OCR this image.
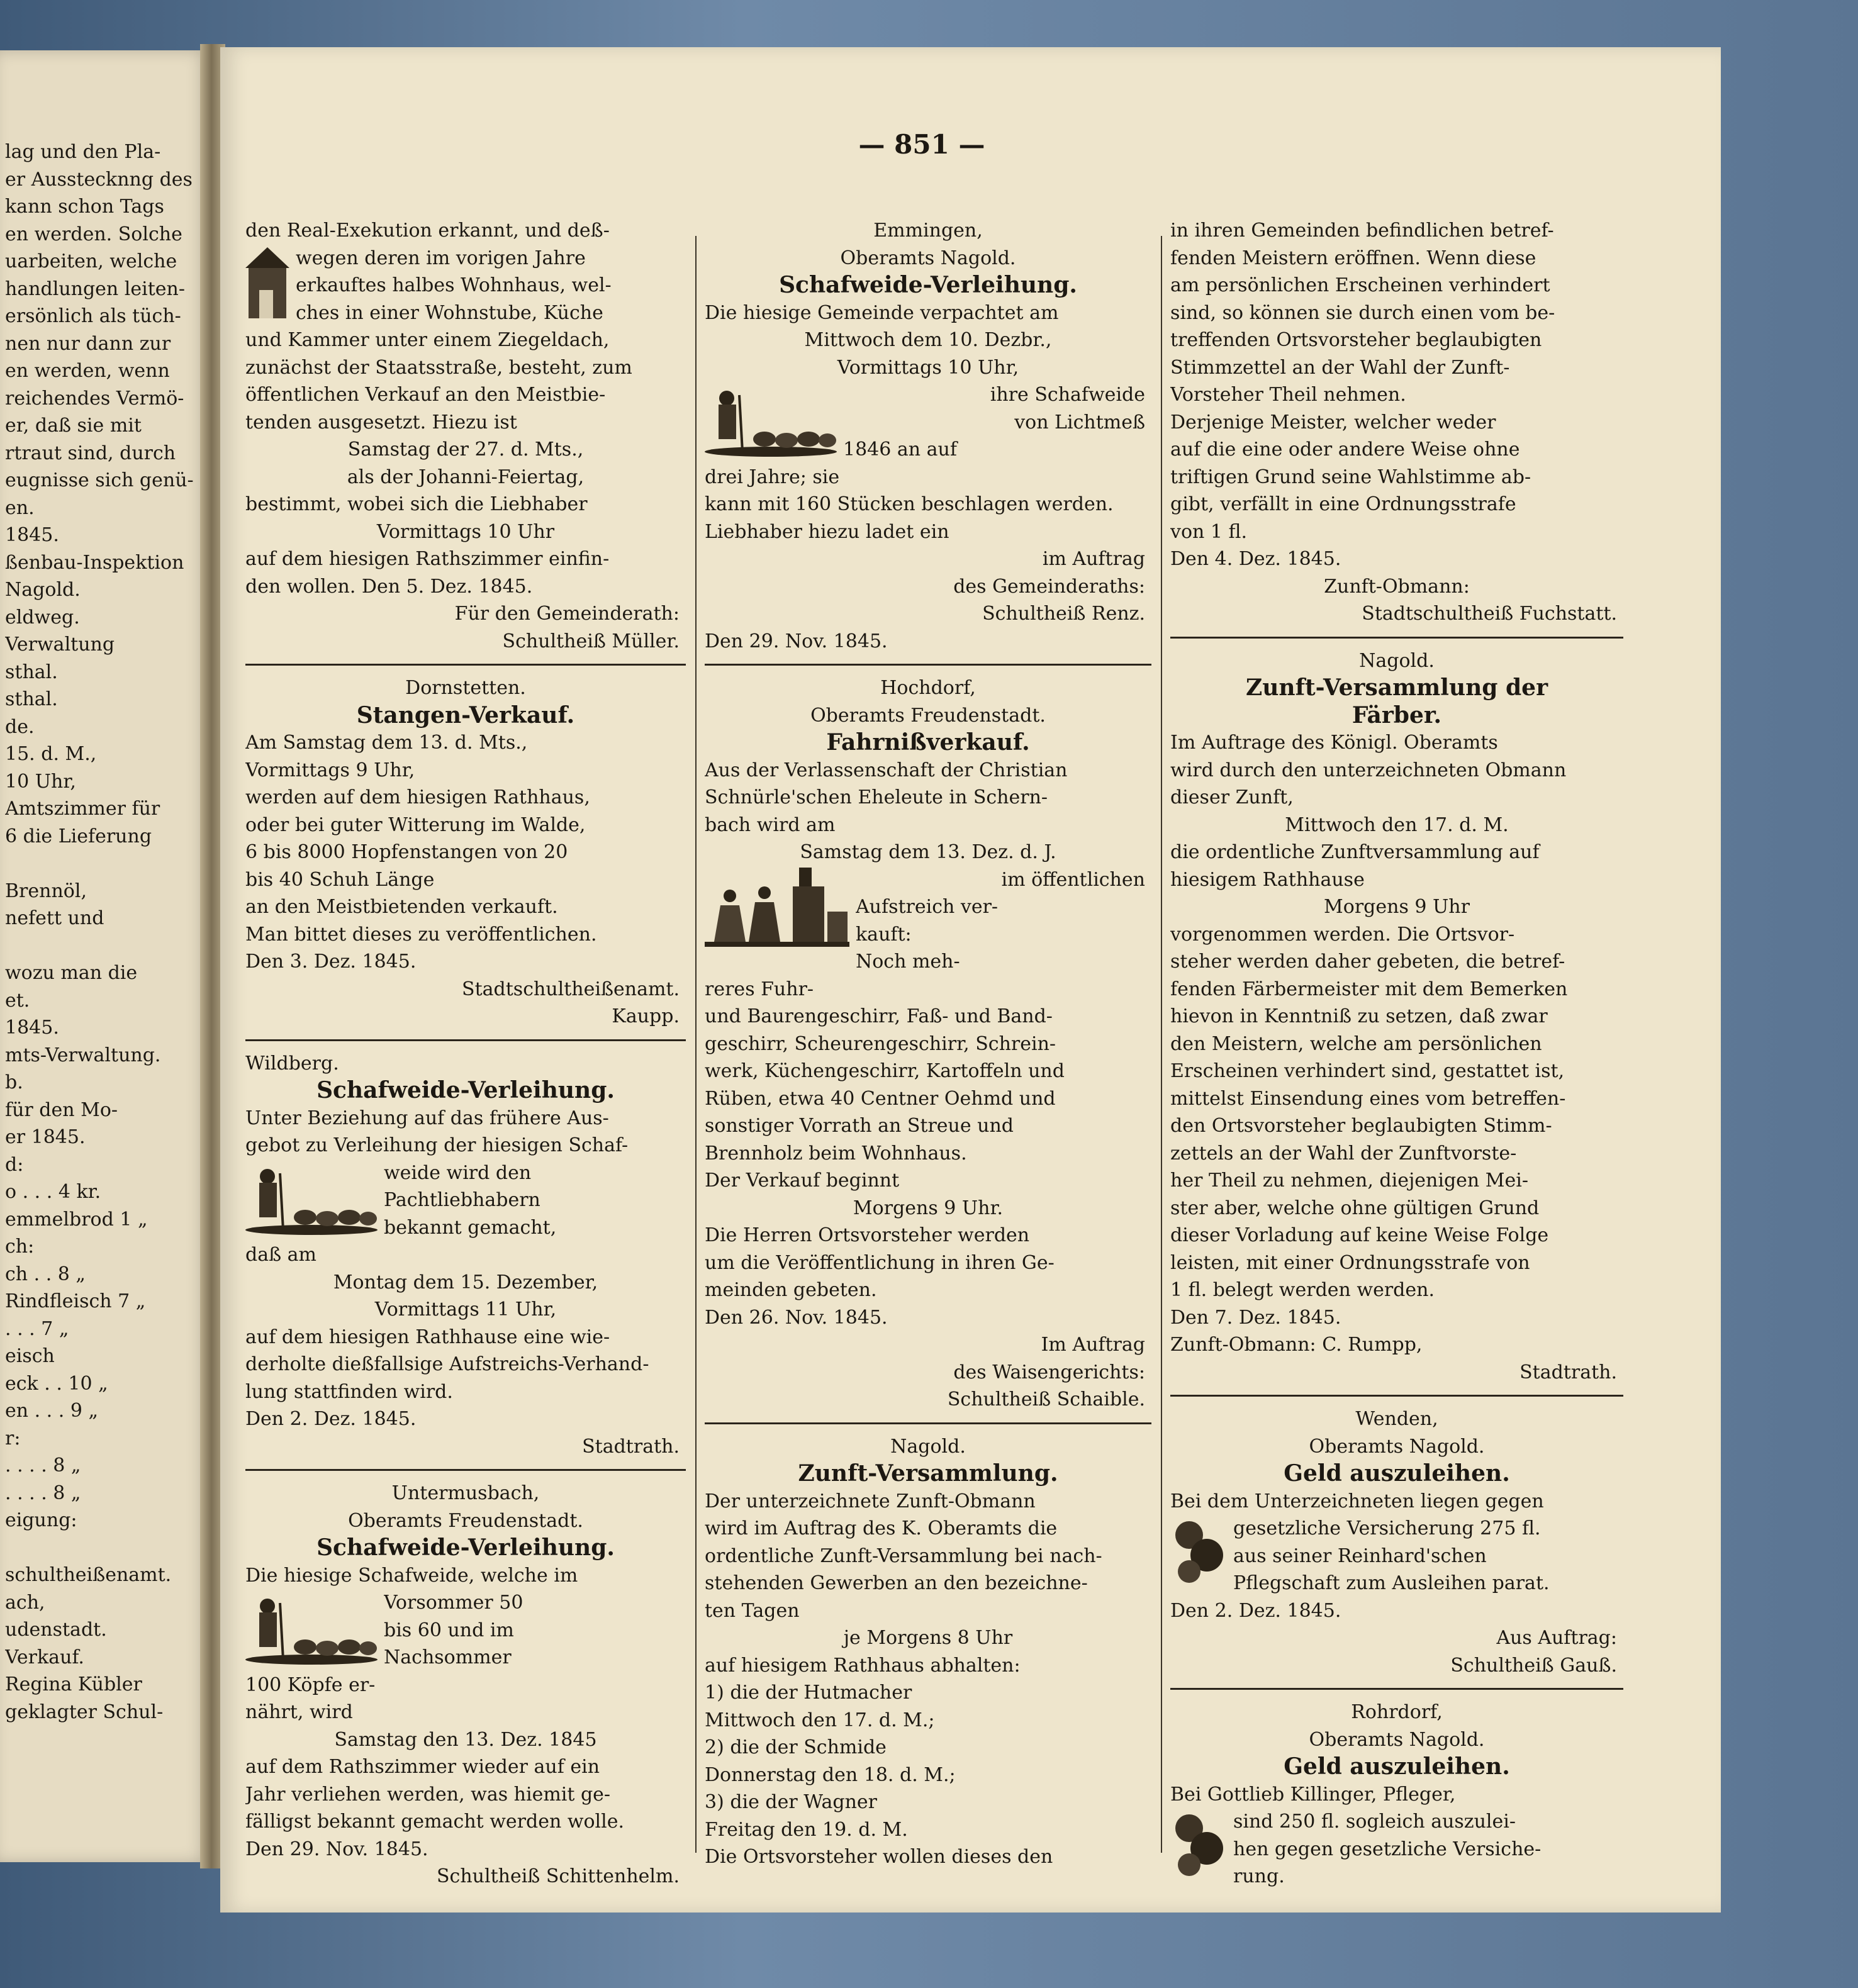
lag und den Pla-
er Ausstecknng des
kann schon Tags
en werden. Solche
uarbeiten, welche
handlungen leiten-
ersönlich als tüch-
nen nur dann zur
en werden, wenn
reichendes Vermö-
er, daß sie mit
rtraut sind, durch
eugnisse sich genü-
en.
1845.
ßenbau-Inspektion
Nagold.
eldweg.
Verwaltung
sthal.
sthal.
de.
15. d. M.,
10 Uhr,
Amtszimmer für
6 die Lieferung

Brennöl,
nefett und

wozu man die
et.
1845.
mts-Verwaltung.
b.
für den Mo-
er 1845.
d:
o . . . 4 kr.
emmelbrod 1 „
ch:
ch . . 8 „
Rindfleisch 7 „
. . . 7 „
eisch
eck . . 10 „
en . . . 9 „
r:
. . . . 8 „
. . . . 8 „
eigung:

schultheißenamt.
ach,
udenstadt.
Verkauf.
Regina Kübler
geklagter Schul-
— 851 —
den Real-Exekution erkannt, und deß-
wegen deren im vorigen Jahre
erkauftes halbes Wohnhaus, wel-
ches in einer Wohnstube, Küche
und Kammer unter einem Ziegeldach,
zunächst der Staatsstraße, besteht, zum
öffentlichen Verkauf an den Meistbie-
tenden ausgesetzt. Hiezu ist
Samstag der 27. d. Mts.,
als der Johanni-Feiertag,
bestimmt, wobei sich die Liebhaber
Vormittags 10 Uhr
auf dem hiesigen Rathszimmer einfin-
den wollen. Den 5. Dez. 1845.
Für den Gemeinderath:
Schultheiß Müller.
Dornstetten.
Stangen-Verkauf.
Am Samstag dem 13. d. Mts.,
Vormittags 9 Uhr,
werden auf dem hiesigen Rathhaus,
oder bei guter Witterung im Walde,
6 bis 8000 Hopfenstangen von 20
bis 40 Schuh Länge
an den Meistbietenden verkauft.
Man bittet dieses zu veröffentlichen.
Den 3. Dez. 1845.
Stadtschultheißenamt.
Kaupp.
Wildberg.
Schafweide-Verleihung.
Unter Beziehung auf das frühere Aus-
gebot zu Verleihung der hiesigen Schaf-
weide wird den
Pachtliebhabern
bekannt gemacht,
daß am
Montag dem 15. Dezember,
Vormittags 11 Uhr,
auf dem hiesigen Rathhause eine wie-
derholte dießfallsige Aufstreichs-Verhand-
lung stattfinden wird.
Den 2. Dez. 1845.
Stadtrath.
Untermusbach,
Oberamts Freudenstadt.
Schafweide-Verleihung.
Die hiesige Schafweide, welche im
Vorsommer 50
bis 60 und im
Nachsommer
100 Köpfe er-
nährt, wird
Samstag den 13. Dez. 1845
auf dem Rathszimmer wieder auf ein
Jahr verliehen werden, was hiemit ge-
fälligst bekannt gemacht werden wolle.
Den 29. Nov. 1845.
Schultheiß Schittenhelm.
Emmingen,
Oberamts Nagold.
Schafweide-Verleihung.
Die hiesige Gemeinde verpachtet am
Mittwoch dem 10. Dezbr.,
Vormittags 10 Uhr,
ihre Schafweide
von Lichtmeß
1846 an auf
drei Jahre; sie
kann mit 160 Stücken beschlagen werden.
Liebhaber hiezu ladet ein
im Auftrag
des Gemeinderaths:
Schultheiß Renz.
Den 29. Nov. 1845.
Hochdorf,
Oberamts Freudenstadt.
Fahrnißverkauf.
Aus der Verlassenschaft der Christian
Schnürle'schen Eheleute in Schern-
bach wird am
Samstag dem 13. Dez. d. J.
im öffentlichen
Aufstreich ver-
kauft:
Noch meh-
reres Fuhr-
und Baurengeschirr, Faß- und Band-
geschirr, Scheurengeschirr, Schrein-
werk, Küchengeschirr, Kartoffeln und
Rüben, etwa 40 Centner Oehmd und
sonstiger Vorrath an Streue und
Brennholz beim Wohnhaus.
Der Verkauf beginnt
Morgens 9 Uhr.
Die Herren Ortsvorsteher werden
um die Veröffentlichung in ihren Ge-
meinden gebeten.
Den 26. Nov. 1845.
Im Auftrag
des Waisengerichts:
Schultheiß Schaible.
Nagold.
Zunft-Versammlung.
Der unterzeichnete Zunft-Obmann
wird im Auftrag des K. Oberamts die
ordentliche Zunft-Versammlung bei nach-
stehenden Gewerben an den bezeichne-
ten Tagen
je Morgens 8 Uhr
auf hiesigem Rathhaus abhalten:
1) die der Hutmacher
Mittwoch den 17. d. M.;
2) die der Schmide
Donnerstag den 18. d. M.;
3) die der Wagner
Freitag den 19. d. M.
Die Ortsvorsteher wollen dieses den
in ihren Gemeinden befindlichen betref-
fenden Meistern eröffnen. Wenn diese
am persönlichen Erscheinen verhindert
sind, so können sie durch einen vom be-
treffenden Ortsvorsteher beglaubigten
Stimmzettel an der Wahl der Zunft-
Vorsteher Theil nehmen.
Derjenige Meister, welcher weder
auf die eine oder andere Weise ohne
triftigen Grund seine Wahlstimme ab-
gibt, verfällt in eine Ordnungsstrafe
von 1 fl.
Den 4. Dez. 1845.
Zunft-Obmann:
Stadtschultheiß Fuchstatt.
Nagold.
Zunft-Versammlung der
Färber.
Im Auftrage des Königl. Oberamts
wird durch den unterzeichneten Obmann
dieser Zunft,
Mittwoch den 17. d. M.
die ordentliche Zunftversammlung auf
hiesigem Rathhause
Morgens 9 Uhr
vorgenommen werden. Die Ortsvor-
steher werden daher gebeten, die betref-
fenden Färbermeister mit dem Bemerken
hievon in Kenntniß zu setzen, daß zwar
den Meistern, welche am persönlichen
Erscheinen verhindert sind, gestattet ist,
mittelst Einsendung eines vom betreffen-
den Ortsvorsteher beglaubigten Stimm-
zettels an der Wahl der Zunftvorste-
her Theil zu nehmen, diejenigen Mei-
ster aber, welche ohne gültigen Grund
dieser Vorladung auf keine Weise Folge
leisten, mit einer Ordnungsstrafe von
1 fl. belegt werden werden.
Den 7. Dez. 1845.
Zunft-Obmann: C. Rumpp,
Stadtrath.
Wenden,
Oberamts Nagold.
Geld auszuleihen.
Bei dem Unterzeichneten liegen gegen
gesetzliche Versicherung 275 fl.
aus seiner Reinhard'schen
Pflegschaft zum Ausleihen parat.
Den 2. Dez. 1845.
Aus Auftrag:
Schultheiß Gauß.
Rohrdorf,
Oberamts Nagold.
Geld auszuleihen.
Bei Gottlieb Killinger, Pfleger,
sind 250 fl. sogleich auszulei-
hen gegen gesetzliche Versiche-
rung.
